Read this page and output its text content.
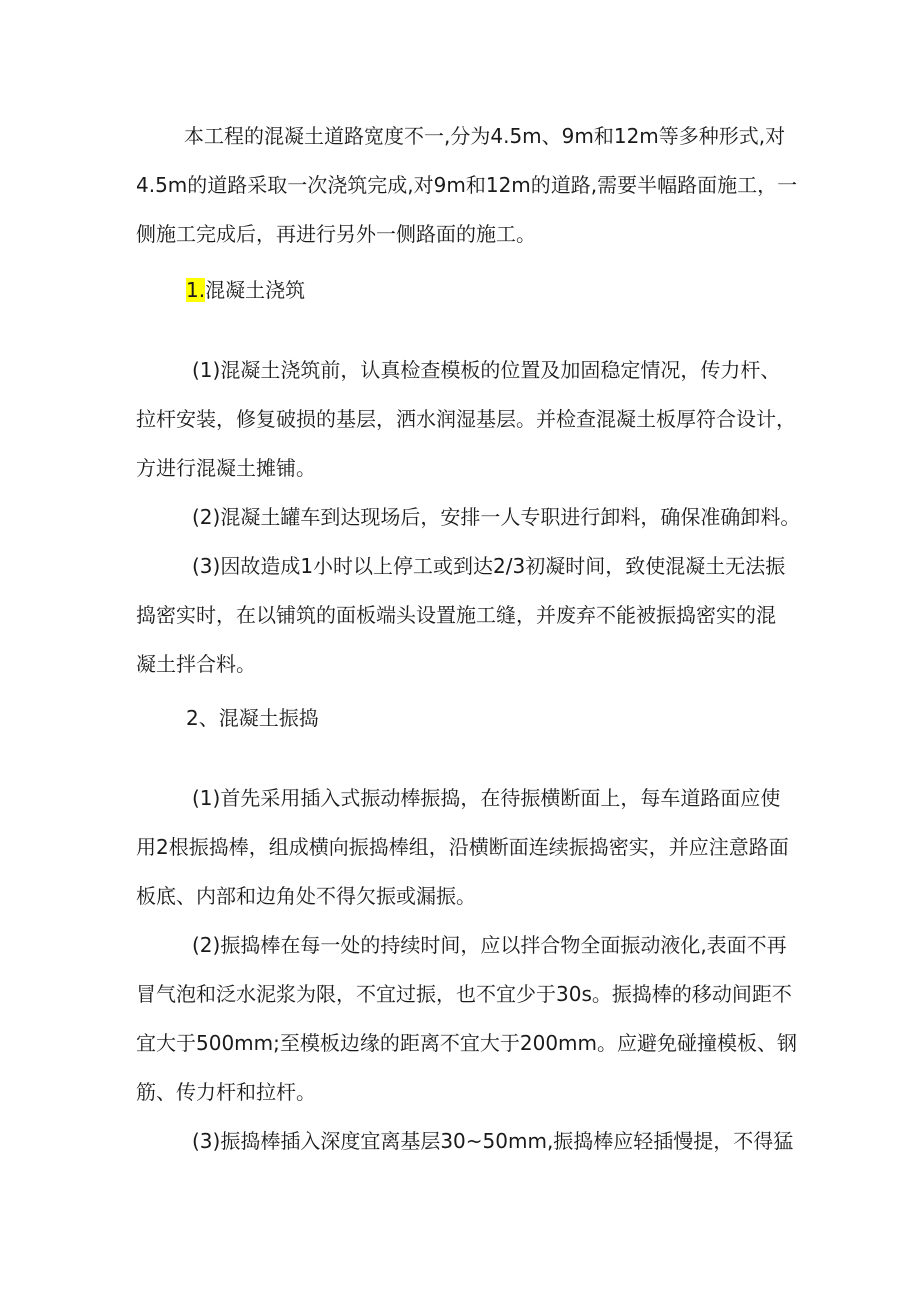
本工程的混凝土道路宽度不一,分为4.5m、9m和12m等多种形式,对
4.5m的道路采取一次浇筑完成,对9m和12m的道路,需要半幅路面施工，一
侧施工完成后，再进行另外一侧路面的施工。
1.混凝土浇筑
(1)混凝土浇筑前，认真检查模板的位置及加固稳定情况，传力杆、
拉杆安装，修复破损的基层，洒水润湿基层。并检查混凝土板厚符合设计，
方进行混凝土摊铺。
(2)混凝土罐车到达现场后，安排一人专职进行卸料，确保准确卸料。
(3)因故造成1小时以上停工或到达2/3初凝时间，致使混凝土无法振
捣密实时，在以铺筑的面板端头设置施工缝，并废弃不能被振捣密实的混
凝土拌合料。
2、混凝土振捣
(1)首先采用插入式振动棒振捣，在待振横断面上，每车道路面应使
用2根振捣棒，组成横向振捣棒组，沿横断面连续振捣密实，并应注意路面
板底、内部和边角处不得欠振或漏振。
(2)振捣棒在每一处的持续时间，应以拌合物全面振动液化,表面不再
冒气泡和泛水泥浆为限，不宜过振，也不宜少于30s。振捣棒的移动间距不
宜大于500mm;至模板边缘的距离不宜大于200mm。应避免碰撞模板、钢
筋、传力杆和拉杆。
(3)振捣棒插入深度宜离基层30~50mm,振捣棒应轻插慢提，不得猛
